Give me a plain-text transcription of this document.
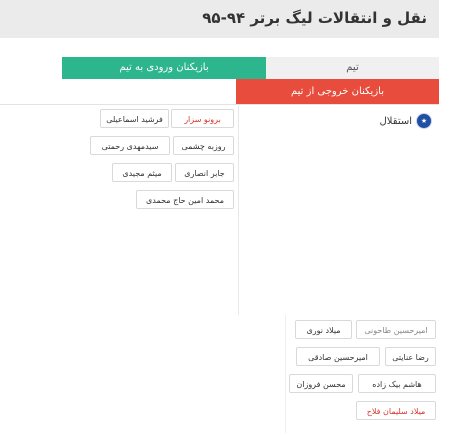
نقل و انتقالات لیگ برتر ۹۴-۹۵
بازیکنان ورودی به تیم	تیم
بازیکنان خروجی از تیم
★
استقلال
برونو سزار
فرشید اسماعیلی
روزبه چشمی
سیدمهدی رحمتی
جابر انصاری
میثم مجیدی
محمد امین حاج محمدی
امیرحسین طاحونی
میلاد نوری
رضا عنایتی
امیرحسین صادقی
هاشم بیک زاده
محسن فروزان
میلاد سلیمان فلاح
